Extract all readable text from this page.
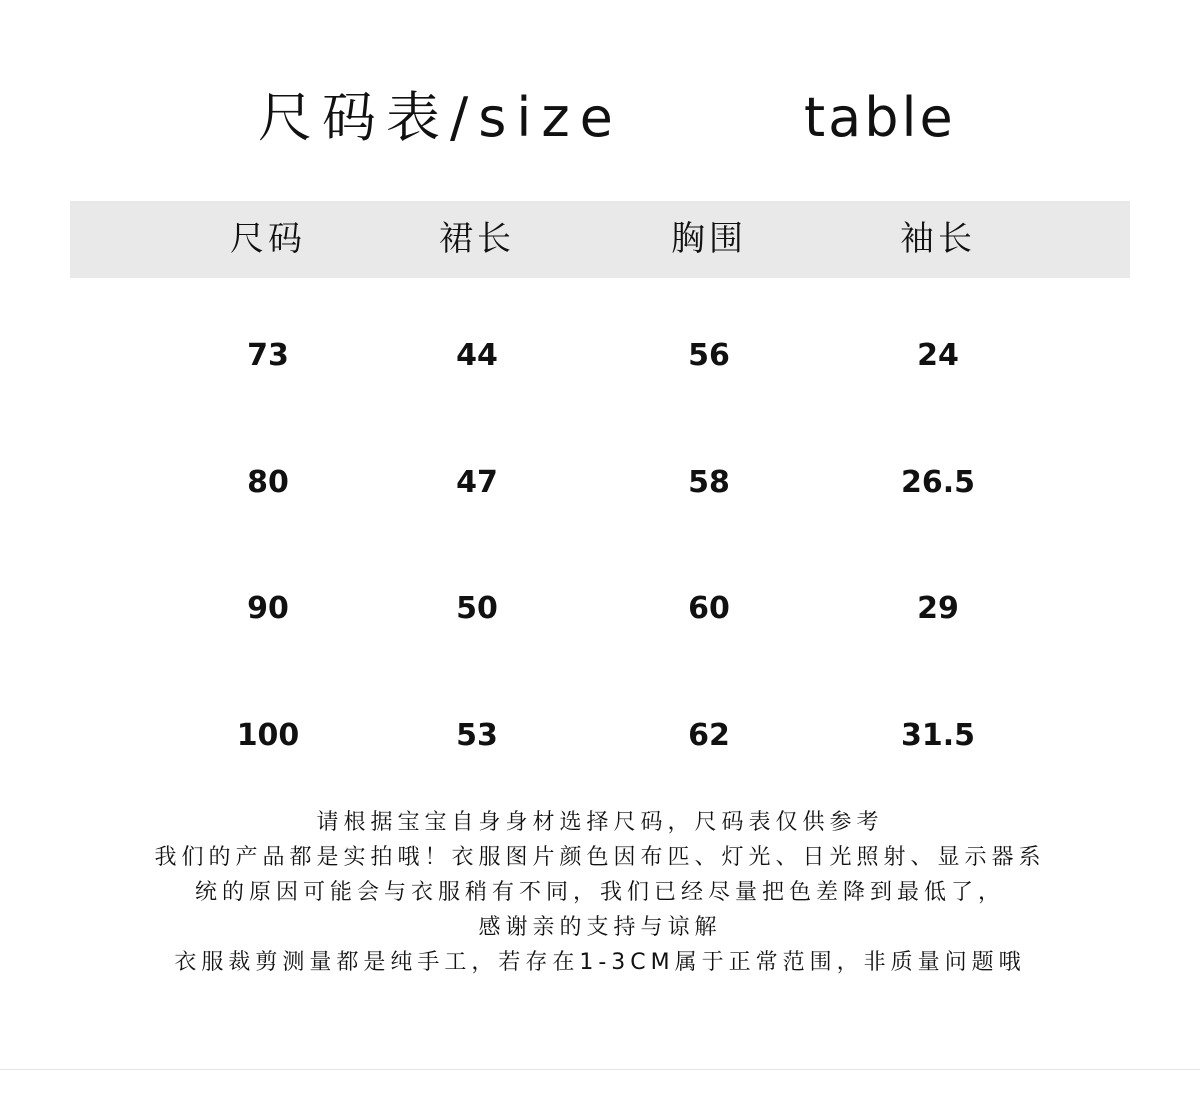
尺码表/size	table
尺码	裙长	胸围	袖长
73	44	56	24
80	47	58	26.5
90	50	60	29
100	53	62	31.5
请根据宝宝自身身材选择尺码，尺码表仅供参考
我们的产品都是实拍哦！衣服图片颜色因布匹、灯光、日光照射、显示器系
统的原因可能会与衣服稍有不同，我们已经尽量把色差降到最低了，
感谢亲的支持与谅解
衣服裁剪测量都是纯手工，若存在1-3CM属于正常范围，非质量问题哦
